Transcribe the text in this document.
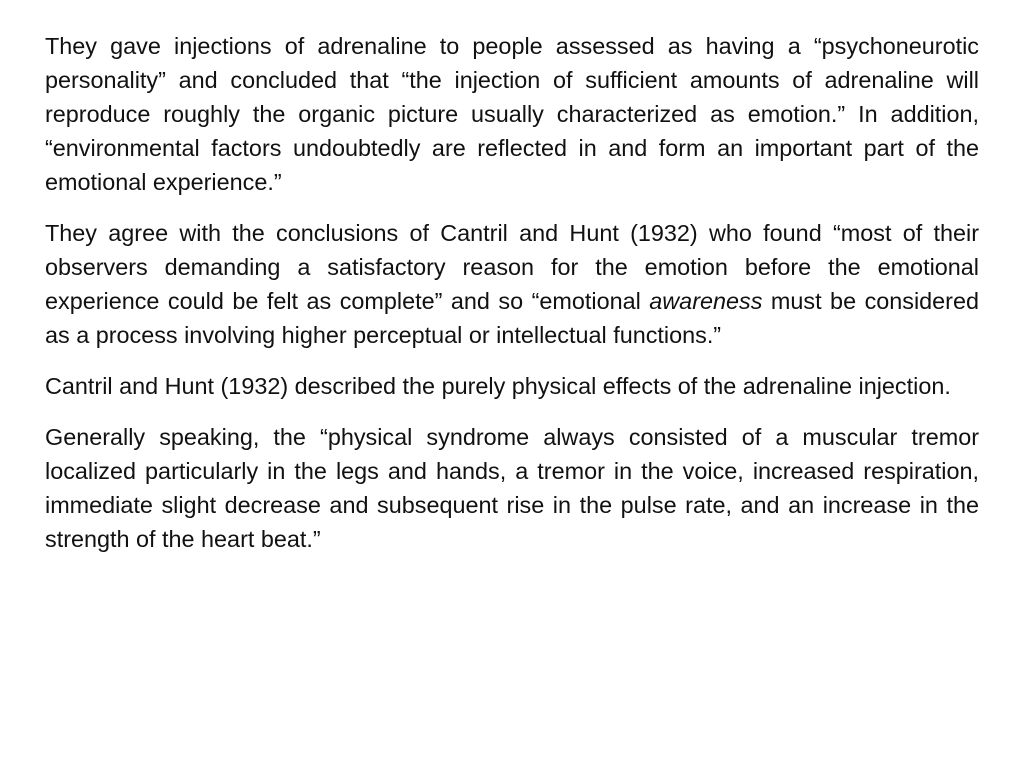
They gave injections of adrenaline to people assessed as having a “psychoneurotic personality” and concluded that “the injection of sufficient amounts of adrenaline will reproduce roughly the organic picture usually characterized as emotion.” In addition, “environmental factors undoubtedly are reflected in and form an important part of the emotional experience.”

They agree with the conclusions of Cantril and Hunt (1932) who found “most of their observers demanding a satisfactory reason for the emotion before the emotional experience could be felt as complete” and so “emotional awareness must be considered as a process involving higher perceptual or intellectual functions.”

Cantril and Hunt (1932) described the purely physical effects of the adrenaline injection.

Generally speaking, the “physical syndrome always consisted of a muscular tremor localized particularly in the legs and hands, a tremor in the voice, increased respiration, immediate slight decrease and subsequent rise in the pulse rate, and an increase in the strength of the heart beat.”
